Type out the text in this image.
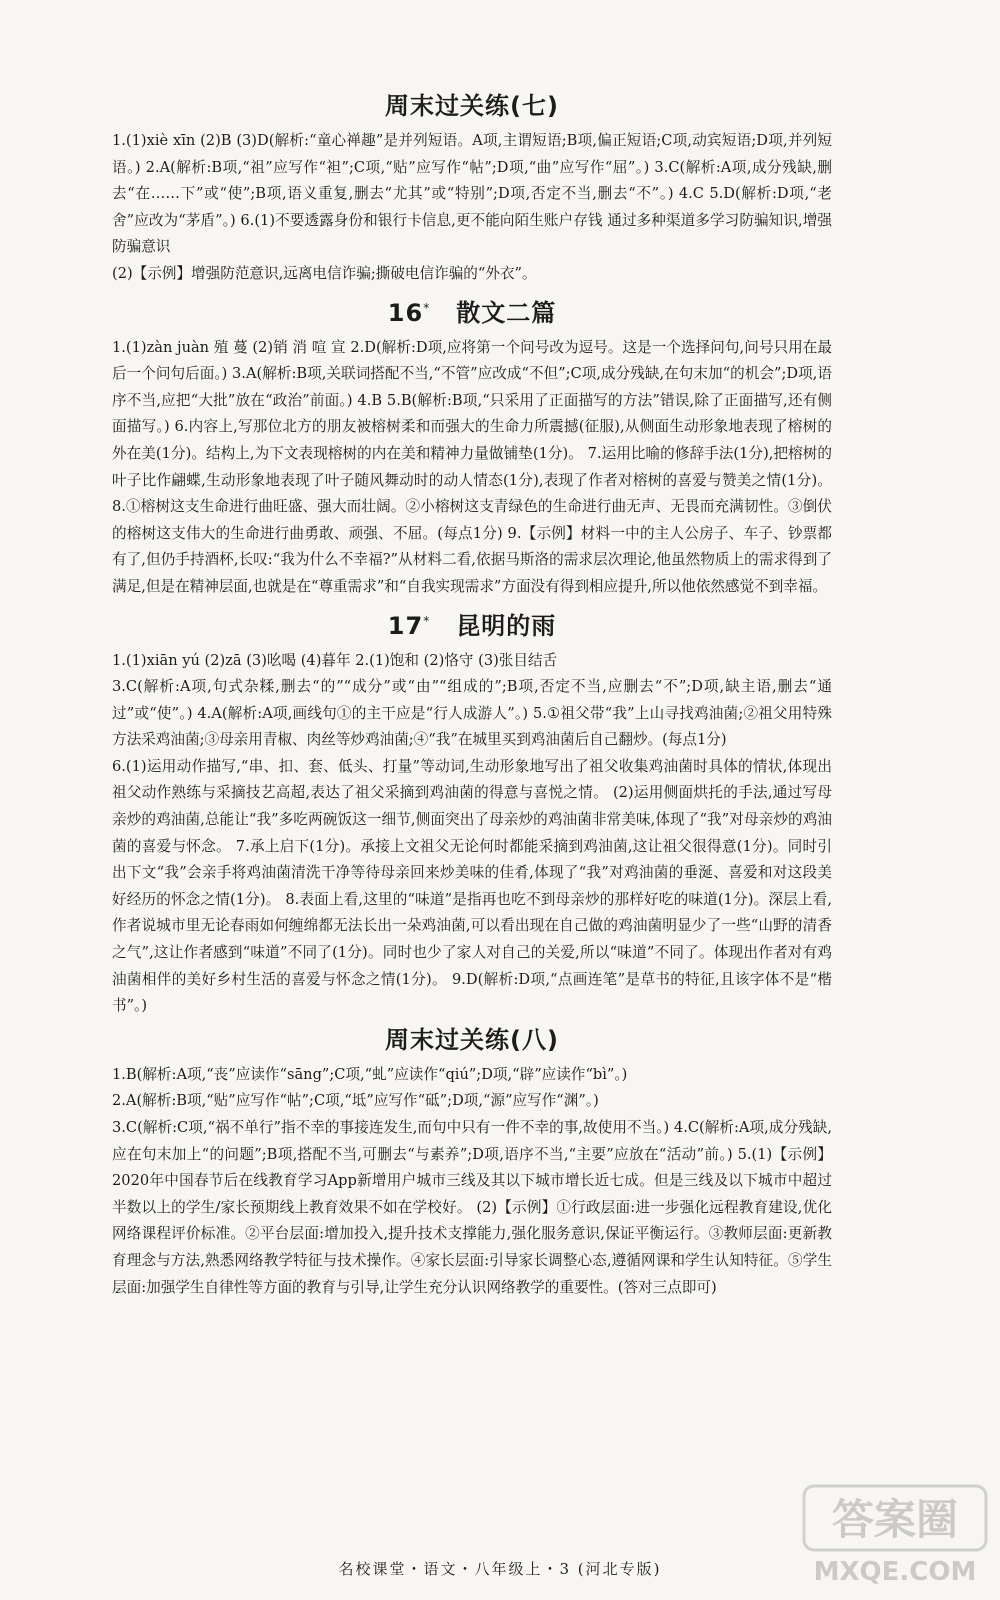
周末过关练(七)

1.(1)xiè xīn (2)B (3)D(解析:“童心禅趣”是并列短语。A项,主谓短语;B项,偏正短语;C项,动宾短语;D项,并列短语。) 2.A(解析:B项,“祖”应写作“袒”;C项,“贴”应写作“帖”;D项,“曲”应写作“屈”。) 3.C(解析:A项,成分残缺,删去“在……下”或“使”;B项,语义重复,删去“尤其”或“特别”;D项,否定不当,删去“不”。) 4.C 5.D(解析:D项,“老舍”应改为“茅盾”。) 6.(1)不要透露身份和银行卡信息,更不能向陌生账户存钱 通过多种渠道多学习防骗知识,增强防骗意识

(2)【示例】增强防范意识,远离电信诈骗;撕破电信诈骗的“外衣”。

16* 散文二篇

1.(1)zàn juàn 殖 蔓 (2)销 消 喧 宣 2.D(解析:D项,应将第一个问号改为逗号。这是一个选择问句,问号只用在最后一个问句后面。) 3.A(解析:B项,关联词搭配不当,“不管”应改成“不但”;C项,成分残缺,在句末加“的机会”;D项,语序不当,应把“大批”放在“政治”前面。) 4.B 5.B(解析:B项,“只采用了正面描写的方法”错误,除了正面描写,还有侧面描写。) 6.内容上,写那位北方的朋友被榕树柔和而强大的生命力所震撼(征服),从侧面生动形象地表现了榕树的外在美(1分)。结构上,为下文表现榕树的内在美和精神力量做铺垫(1分)。 7.运用比喻的修辞手法(1分),把榕树的叶子比作翩蝶,生动形象地表现了叶子随风舞动时的动人情态(1分),表现了作者对榕树的喜爱与赞美之情(1分)。 8.①榕树这支生命进行曲旺盛、强大而壮阔。②小榕树这支青绿色的生命进行曲无声、无畏而充满韧性。③倒伏的榕树这支伟大的生命进行曲勇敢、顽强、不屈。(每点1分) 9.【示例】材料一中的主人公房子、车子、钞票都有了,但仍手持酒杯,长叹:“我为什么不幸福?”从材料二看,依据马斯洛的需求层次理论,他虽然物质上的需求得到了满足,但是在精神层面,也就是在“尊重需求”和“自我实现需求”方面没有得到相应提升,所以他依然感觉不到幸福。

17* 昆明的雨

1.(1)xiān yú (2)zā (3)吆喝 (4)暮年 2.(1)饱和 (2)恪守 (3)张目结舌

3.C(解析:A项,句式杂糅,删去“的”“成分”或“由”“组成的”;B项,否定不当,应删去“不”;D项,缺主语,删去“通过”或“使”。) 4.A(解析:A项,画线句①的主干应是“行人成游人”。) 5.①祖父带“我”上山寻找鸡油菌;②祖父用特殊方法采鸡油菌;③母亲用青椒、肉丝等炒鸡油菌;④“我”在城里买到鸡油菌后自己翻炒。(每点1分)

6.(1)运用动作描写,“串、扣、套、低头、打量”等动词,生动形象地写出了祖父收集鸡油菌时具体的情状,体现出祖父动作熟练与采摘技艺高超,表达了祖父采摘到鸡油菌的得意与喜悦之情。 (2)运用侧面烘托的手法,通过写母亲炒的鸡油菌,总能让“我”多吃两碗饭这一细节,侧面突出了母亲炒的鸡油菌非常美味,体现了“我”对母亲炒的鸡油菌的喜爱与怀念。 7.承上启下(1分)。承接上文祖父无论何时都能采摘到鸡油菌,这让祖父很得意(1分)。同时引出下文“我”会亲手将鸡油菌清洗干净等待母亲回来炒美味的佳肴,体现了“我”对鸡油菌的垂涎、喜爱和对这段美好经历的怀念之情(1分)。 8.表面上看,这里的“味道”是指再也吃不到母亲炒的那样好吃的味道(1分)。深层上看,作者说城市里无论春雨如何缠绵都无法长出一朵鸡油菌,可以看出现在自己做的鸡油菌明显少了一些“山野的清香之气”,这让作者感到“味道”不同了(1分)。同时也少了家人对自己的关爱,所以“味道”不同了。体现出作者对有鸡油菌相伴的美好乡村生活的喜爱与怀念之情(1分)。 9.D(解析:D项,“点画连笔”是草书的特征,且该字体不是“楷书”。)

周末过关练(八)

1.B(解析:A项,“丧”应读作“sāng”;C项,“虬”应读作“qiú”;D项,“辟”应读作“bì”。)

2.A(解析:B项,“贴”应写作“帖”;C项,“坻”应写作“砥”;D项,“源”应写作“渊”。)

3.C(解析:C项,“祸不单行”指不幸的事接连发生,而句中只有一件不幸的事,故使用不当。) 4.C(解析:A项,成分残缺,应在句末加上“的问题”;B项,搭配不当,可删去“与素养”;D项,语序不当,“主要”应放在“活动”前。) 5.(1)【示例】2020年中国春节后在线教育学习App新增用户城市三线及其以下城市增长近七成。但是三线及以下城市中超过半数以上的学生/家长预期线上教育效果不如在学校好。 (2)【示例】①行政层面:进一步强化远程教育建设,优化网络课程评价标准。②平台层面:增加投入,提升技术支撑能力,强化服务意识,保证平衡运行。③教师层面:更新教育理念与方法,熟悉网络教学特征与技术操作。④家长层面:引导家长调整心态,遵循网课和学生认知特征。⑤学生层面:加强学生自律性等方面的教育与引导,让学生充分认识网络教学的重要性。(答对三点即可)

名校课堂・语文・八年级上・3 (河北专版)
答案圈
MXQE.COM
